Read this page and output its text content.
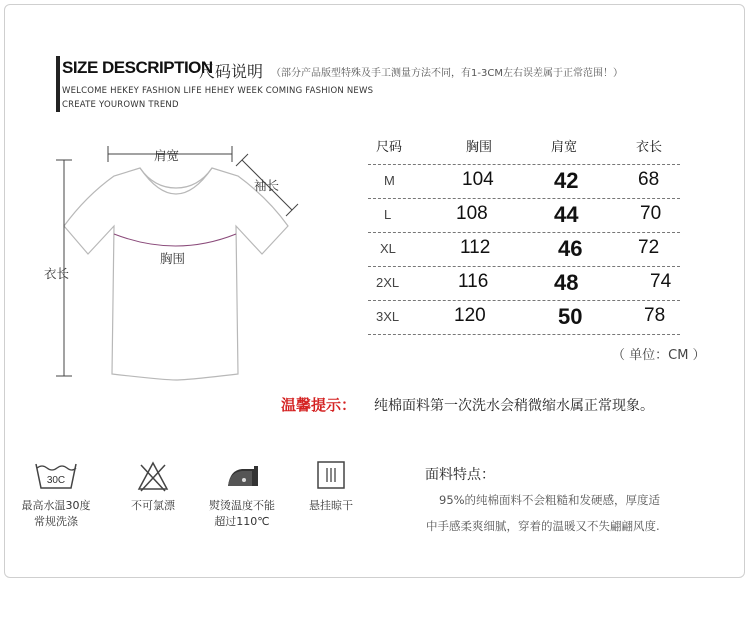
SIZE DESCRIPTION
尺码说明 （部分产品版型特殊及手工测量方法不同，有1-3CM左右误差属于正常范围！）
WELCOME HEKEY FASHION LIFE HEHEY WEEK COMING FASHION NEWS
CREATE YOUROWN TREND
肩宽
袖长
胸围
衣长
尺码	胸围	肩宽	衣长
M	104	42	68
L	108	44	70
XL	112	46	72
2XL	116	48	74
3XL	120	50	78
（ 单位：CM ）
温馨提示： 纯棉面料第一次洗水会稍微缩水属正常现象。
30C
最高水温30度
常规洗涤
不可氯漂	熨烫温度不能
超过110℃
悬挂晾干
面料特点：
95%的纯棉面料不会粗糙和发硬感，厚度适
中手感柔爽细腻，穿着的温暖又不失翩翩风度.
